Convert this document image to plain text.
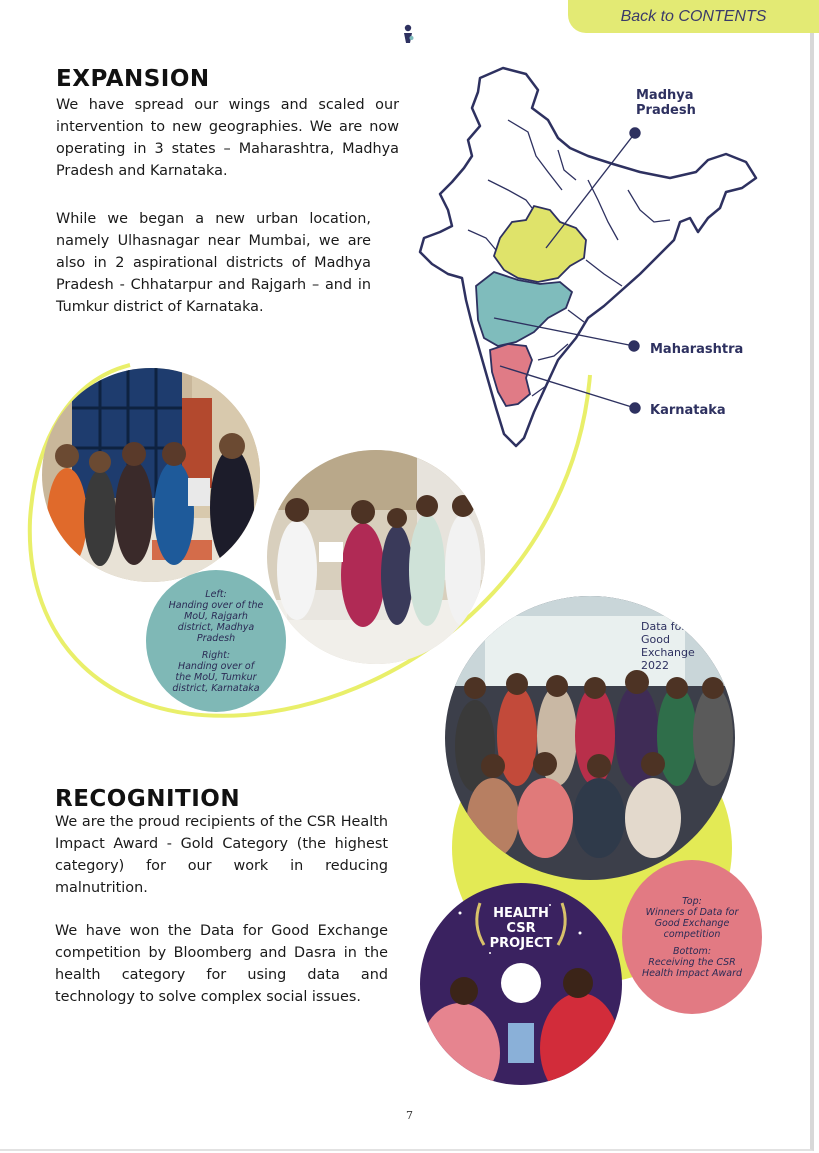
Back to CONTENTS
EXPANSION

We have spread our wings and scaled our intervention to new geographies. We are now operating in 3 states – Maharashtra, Madhya Pradesh and Karnataka.

While we began a new urban location, namely Ulhasnagar near Mumbai, we are also in 2 aspirational districts of Madhya Pradesh - Chhatarpur and Rajgarh – and in Tumkur district of Karnataka.

Madhya
Pradesh
Maharashtra
Karnataka
Left:
Handing over of the MoU, Rajgarh district, Madhya Pradesh
Right:
Handing over of the MoU, Tumkur district, Karnataka
RECOGNITION

We are the proud recipients of the CSR Health Impact Award - Gold Category (the highest category) for our work in reducing malnutrition.

We have won the Data for Good Exchange competition by Bloomberg and Dasra in the health category for using data and technology to solve complex social issues.

Data for
Good
Exchange
2022
HEALTH
CSR
PROJECT
Top:
Winners of Data for Good Exchange competition
Bottom:
Receiving the CSR Health Impact Award
7
